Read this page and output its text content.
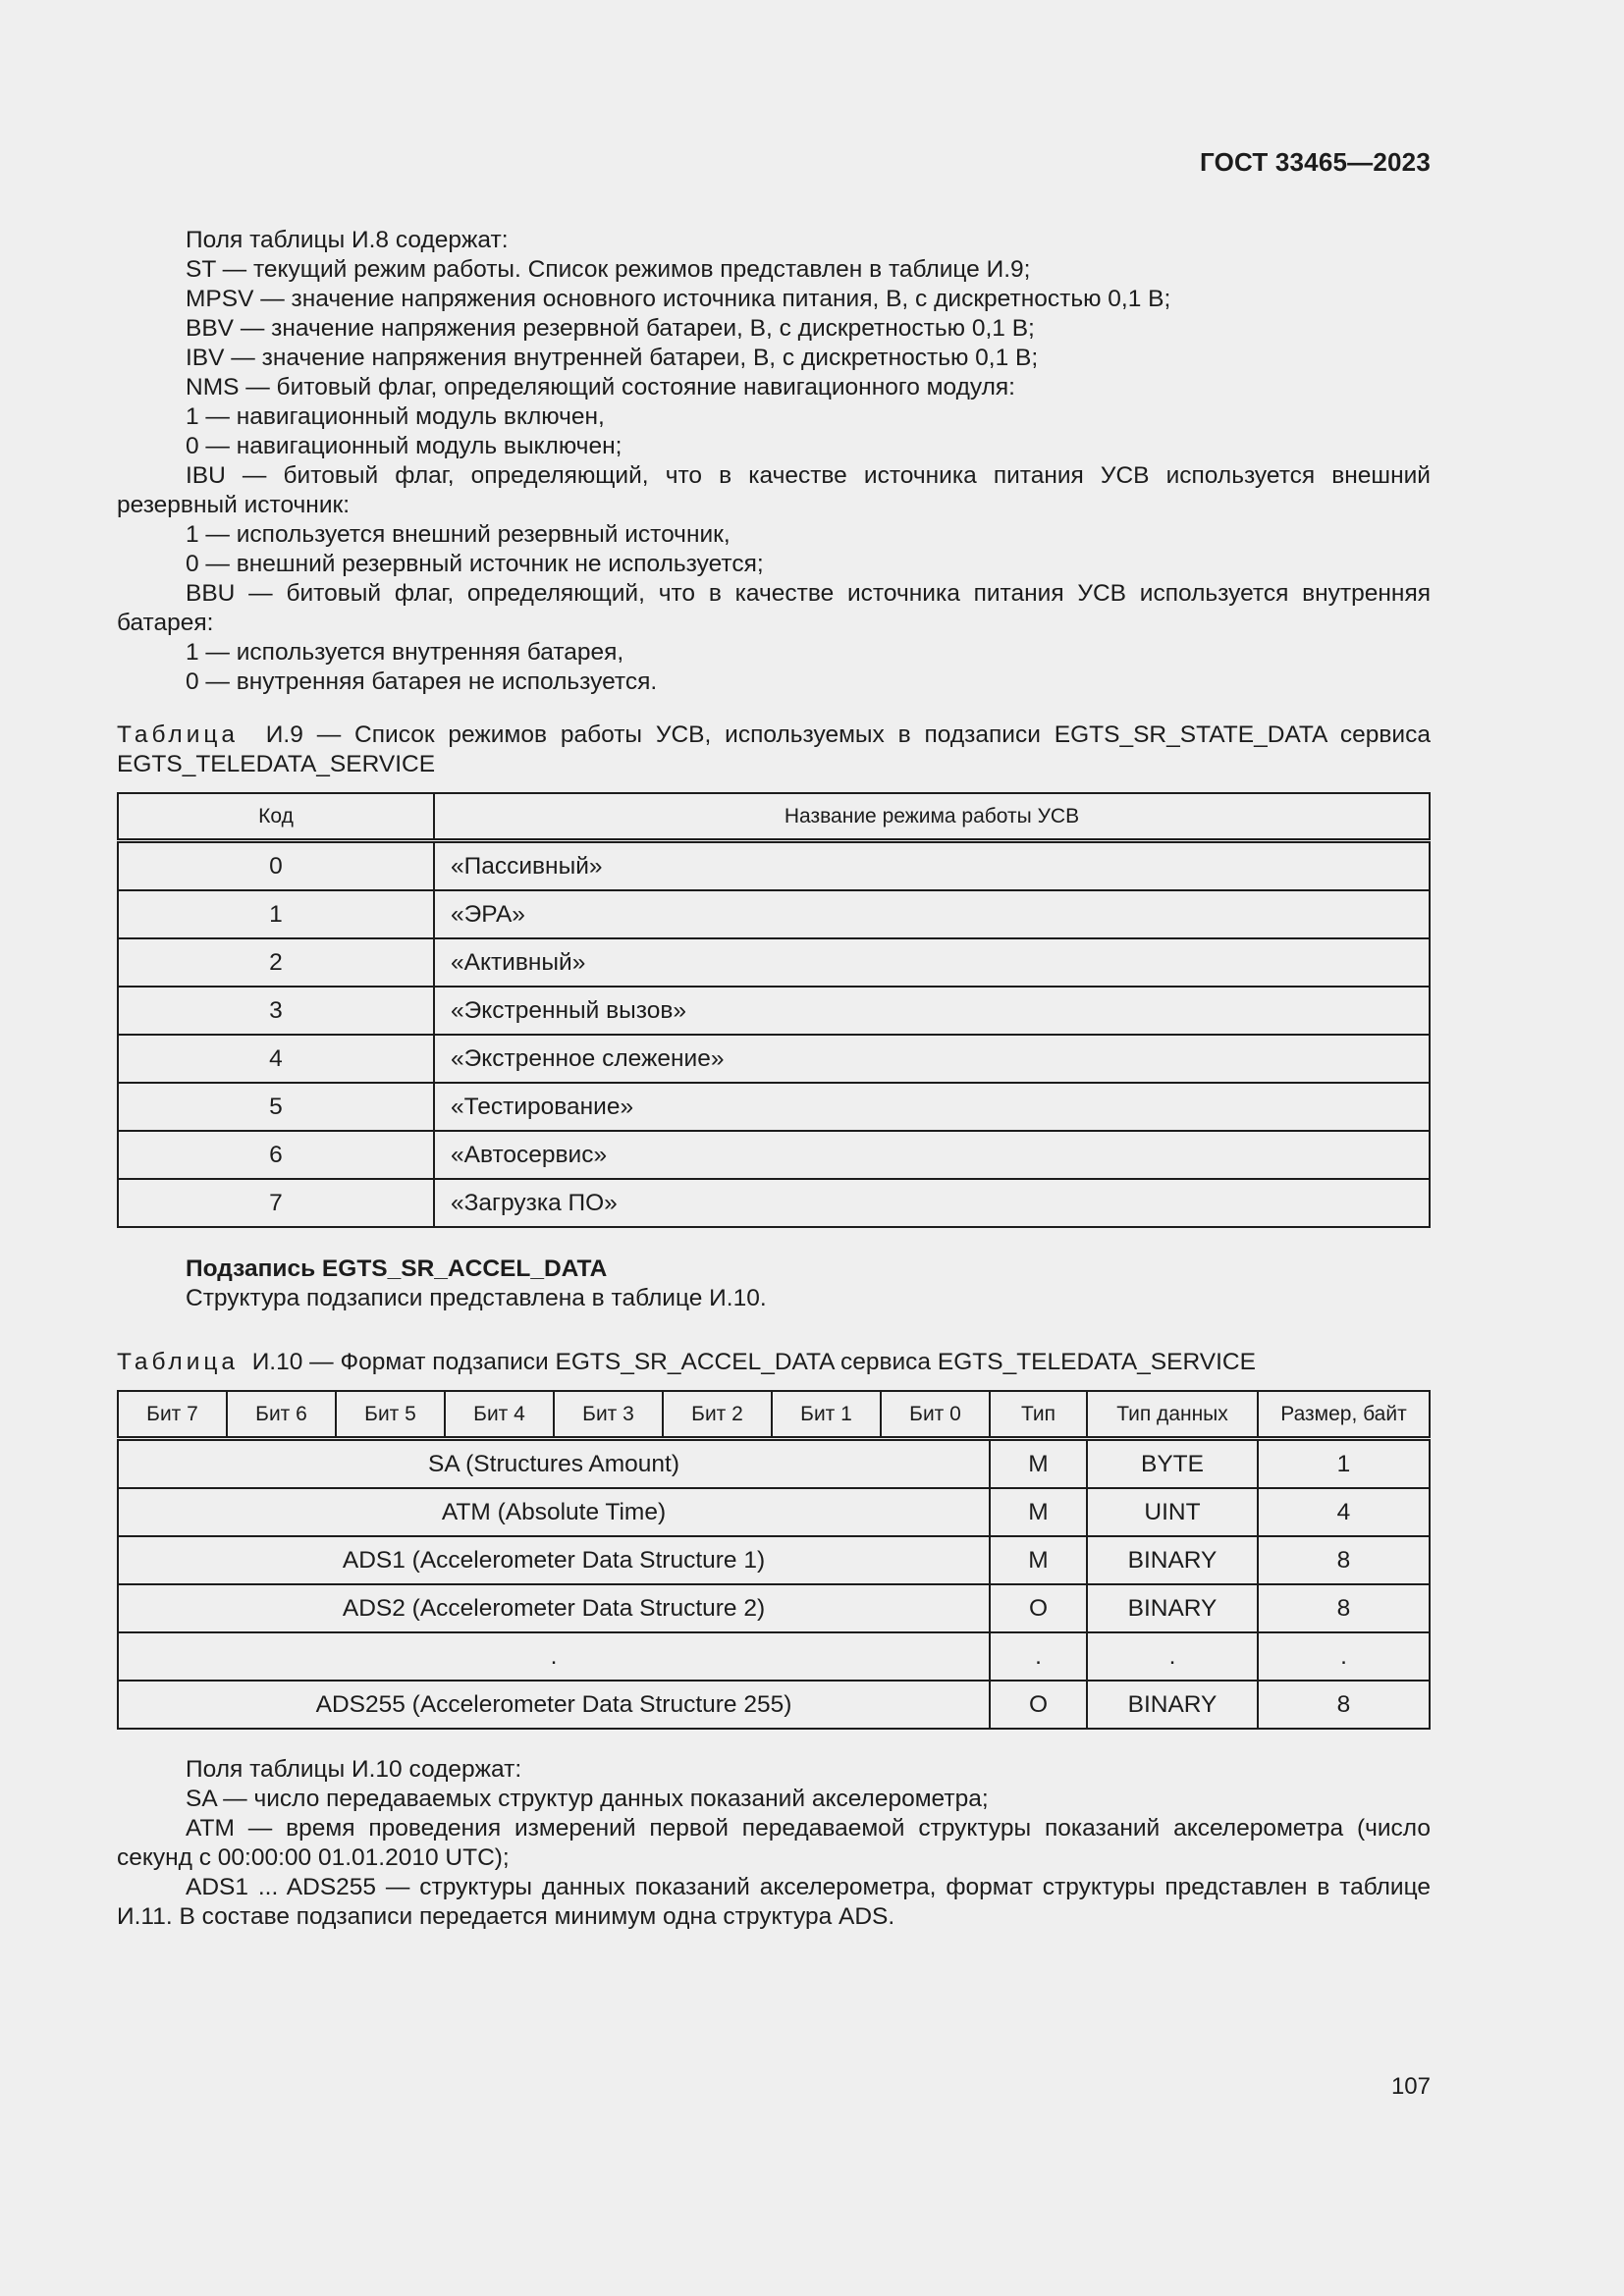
ГОСТ 33465—2023

Поля таблицы И.8 содержат:

ST — текущий режим работы. Список режимов представлен в таблице И.9;

MPSV — значение напряжения основного источника питания, В, с дискретностью 0,1 В;

BBV — значение напряжения резервной батареи, В, с дискретностью 0,1 В;

IBV — значение напряжения внутренней батареи, В, с дискретностью 0,1 В;

NMS — битовый флаг, определяющий состояние навигационного модуля:

1 — навигационный модуль включен,

0 — навигационный модуль выключен;

IBU — битовый флаг, определяющий, что в качестве источника питания УСВ используется внешний резервный источник:

1 — используется внешний резервный источник,

0 — внешний резервный источник не используется;

BBU — битовый флаг, определяющий, что в качестве источника питания УСВ используется внутренняя батарея:

1 — используется внутренняя батарея,

0 — внутренняя батарея не используется.

Таблица И.9 — Список режимов работы УСВ, используемых в подзаписи EGTS_SR_STATE_DATA сервиса EGTS_TELEDATA_SERVICE
Код	Название режима работы УСВ
0	«Пассивный»
1	«ЭРА»
2	«Активный»
3	«Экстренный вызов»
4	«Экстренное слежение»
5	«Тестирование»
6	«Автосервис»
7	«Загрузка ПО»

Подзапись EGTS_SR_ACCEL_DATA

Структура подзаписи представлена в таблице И.10.

Таблица И.10 — Формат подзаписи EGTS_SR_ACCEL_DATA сервиса EGTS_TELEDATA_SERVICE
Бит 7	Бит 6	Бит 5	Бит 4	Бит 3	Бит 2	Бит 1	Бит 0	Тип	Тип данных	Размер, байт
SA (Structures Amount)								M	BYTE	1
ATM (Absolute Time)								M	UINT	4
ADS1 (Accelerometer Data Structure 1)								M	BINARY	8
ADS2 (Accelerometer Data Structure 2)								O	BINARY	8
.								.	.	.
ADS255 (Accelerometer Data Structure 255)								O	BINARY	8

Поля таблицы И.10 содержат:

SA — число передаваемых структур данных показаний акселерометра;

ATM — время проведения измерений первой передаваемой структуры показаний акселерометра (число секунд с 00:00:00 01.01.2010 UTC);

ADS1 ... ADS255 — структуры данных показаний акселерометра, формат структуры представлен в таблице И.11. В составе подзаписи передается минимум одна структура ADS.

107
